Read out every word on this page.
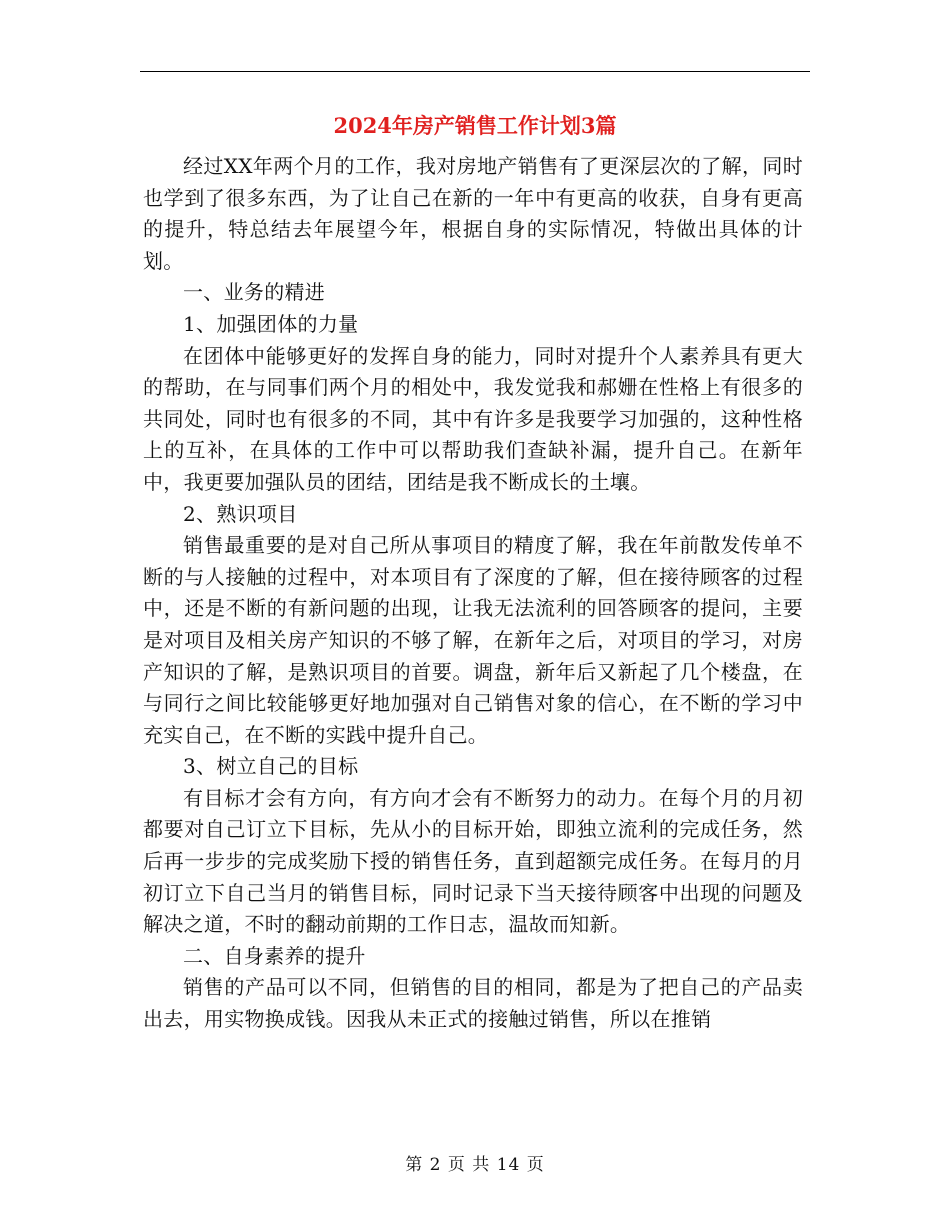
2024年房产销售工作计划3篇

经过XX年两个月的工作，我对房地产销售有了更深层次的了解，同时也学到了很多东西，为了让自己在新的一年中有更高的收获，自身有更高的提升，特总结去年展望今年，根据自身的实际情况，特做出具体的计划。

一、业务的精进

1、加强团体的力量

在团体中能够更好的发挥自身的能力，同时对提升个人素养具有更大的帮助，在与同事们两个月的相处中，我发觉我和郝姗在性格上有很多的共同处，同时也有很多的不同，其中有许多是我要学习加强的，这种性格上的互补，在具体的工作中可以帮助我们查缺补漏，提升自己。在新年中，我更要加强队员的团结，团结是我不断成长的土壤。

2、熟识项目

销售最重要的是对自己所从事项目的精度了解，我在年前散发传单不断的与人接触的过程中，对本项目有了深度的了解，但在接待顾客的过程中，还是不断的有新问题的出现，让我无法流利的回答顾客的提问，主要是对项目及相关房产知识的不够了解，在新年之后，对项目的学习，对房产知识的了解，是熟识项目的首要。调盘，新年后又新起了几个楼盘，在与同行之间比较能够更好地加强对自己销售对象的信心，在不断的学习中充实自己，在不断的实践中提升自己。

3、树立自己的目标

有目标才会有方向，有方向才会有不断努力的动力。在每个月的月初都要对自己订立下目标，先从小的目标开始，即独立流利的完成任务，然后再一步步的完成奖励下授的销售任务，直到超额完成任务。在每月的月初订立下自己当月的销售目标，同时记录下当天接待顾客中出现的问题及解决之道，不时的翻动前期的工作日志，温故而知新。

二、自身素养的提升

销售的产品可以不同，但销售的目的相同，都是为了把自己的产品卖出去，用实物换成钱。因我从未正式的接触过销售，所以在推销

第 2 页 共 14 页
